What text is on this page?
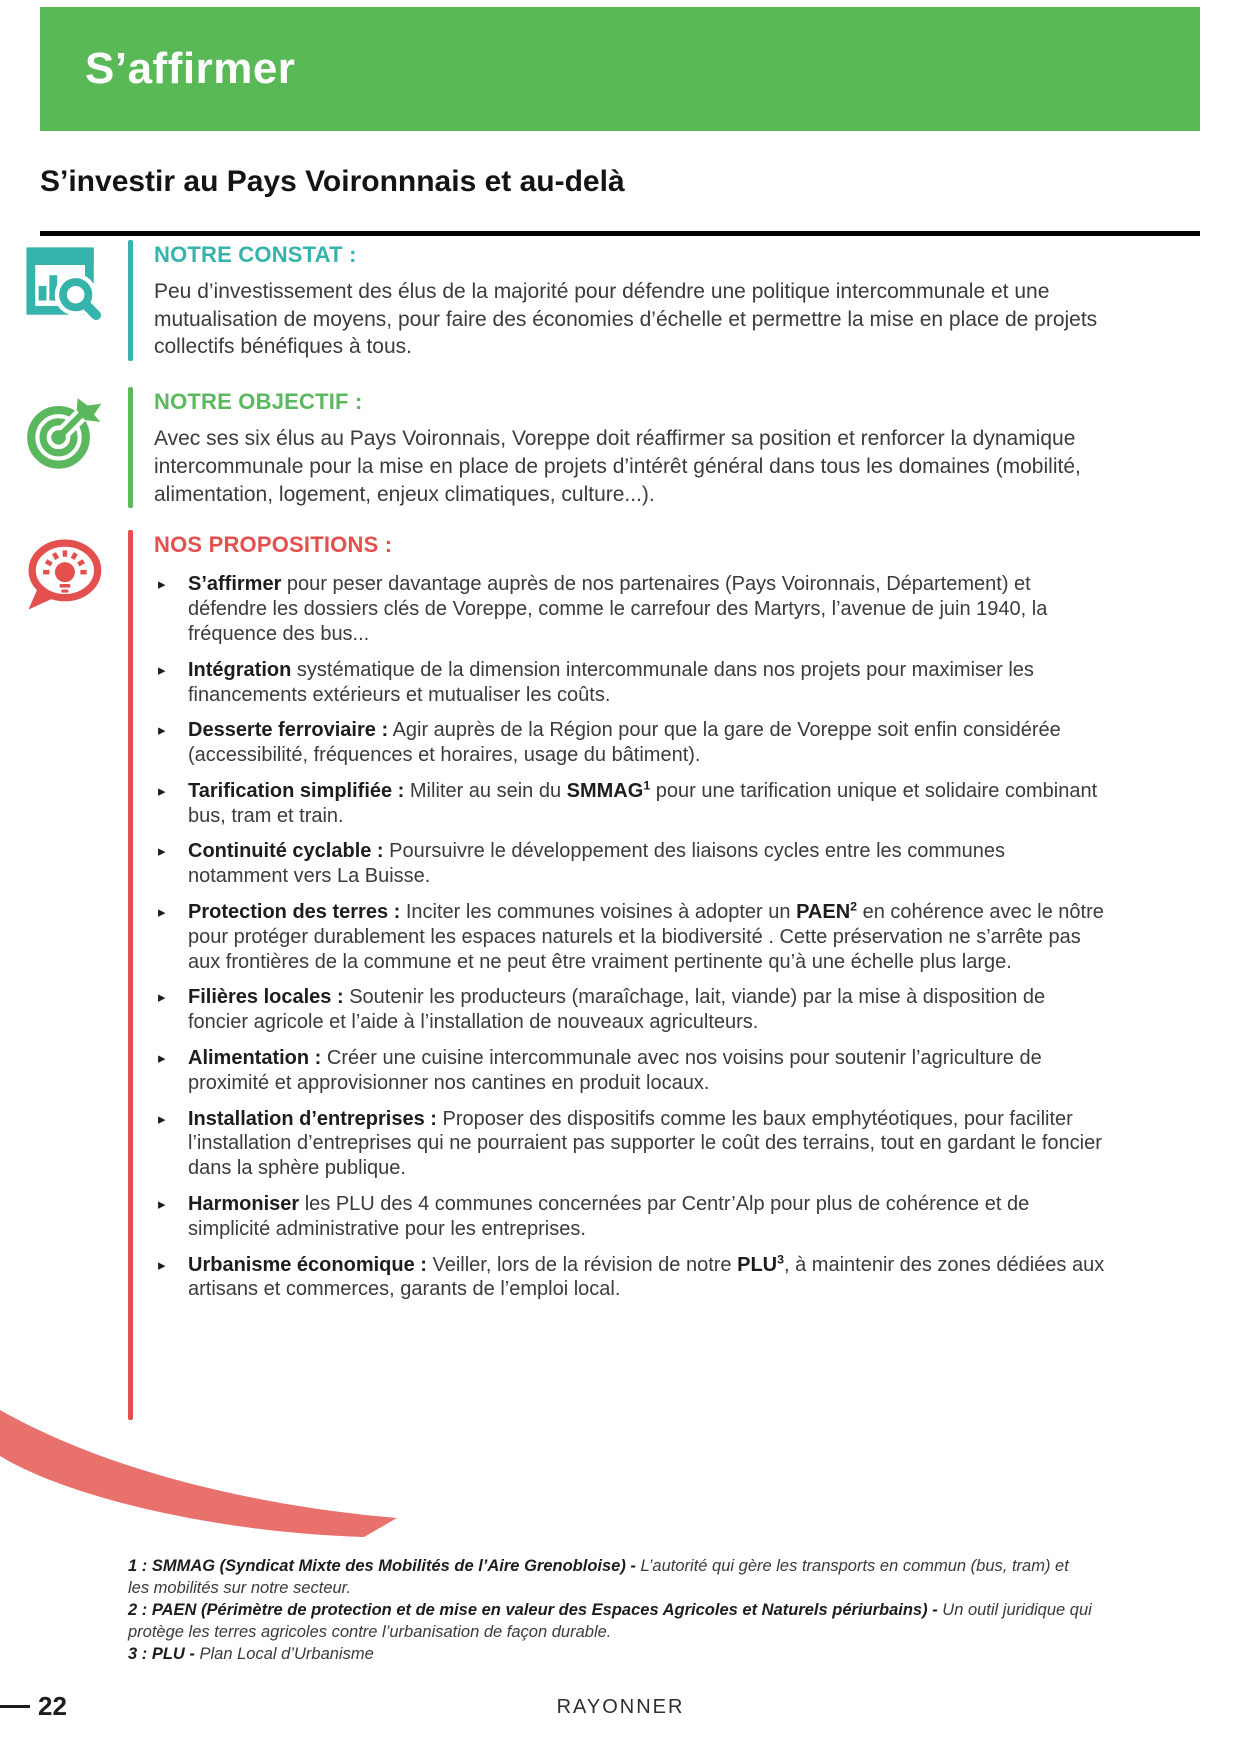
S’affirmer
S’investir au Pays Voironnnais et au-delà
NOTRE CONSTAT :

Peu d’investissement des élus de la majorité pour défendre une politique intercommunale et une mutualisation de moyens, pour faire des économies d’échelle et permettre la mise en place de projets collectifs bénéfiques à tous.

NOTRE OBJECTIF :

Avec ses six élus au Pays Voironnais, Voreppe doit réaffirmer sa position et renforcer la dynamique intercommunale pour la mise en place de projets d’intérêt général dans tous les domaines (mobilité, alimentation, logement, enjeux climatiques, culture...).

NOS PROPOSITIONS :
▸	S’affirmer pour peser davantage auprès de nos partenaires (Pays Voironnais, Département) et défendre les dossiers clés de Voreppe, comme le carrefour des Martyrs, l’avenue de juin 1940, la fréquence des bus...
▸	Intégration systématique de la dimension intercommunale dans nos projets pour maximiser les financements extérieurs et mutualiser les coûts.
▸	Desserte ferroviaire : Agir auprès de la Région pour que la gare de Voreppe soit enfin considérée (accessibilité, fréquences et horaires, usage du bâtiment).
▸	Tarification simplifiée : Militer au sein du SMMAG$^1$ pour une tarification unique et solidaire combinant bus, tram et train.
▸	Continuité cyclable : Poursuivre le développement des liaisons cycles entre les communes notamment vers La Buisse.
▸	Protection des terres : Inciter les communes voisines à adopter un PAEN$^2$ en cohérence avec le nôtre pour protéger durablement les espaces naturels et la biodiversité . Cette préservation ne s’arrête pas aux frontières de la commune et ne peut être vraiment pertinente qu’à une échelle plus large.
▸	Filières locales : Soutenir les producteurs (maraîchage, lait, viande) par la mise à disposition de foncier agricole et l’aide à l’installation de nouveaux agriculteurs.
▸	Alimentation : Créer une cuisine intercommunale avec nos voisins pour soutenir l’agriculture de proximité et approvisionner nos cantines en produit locaux.
▸	Installation d’entreprises : Proposer des dispositifs comme les baux emphytéotiques, pour faciliter l’installation d’entreprises qui ne pourraient pas supporter le coût des terrains, tout en gardant le foncier dans la sphère publique.
▸	Harmoniser les PLU des 4 communes concernées par Centr’Alp pour plus de cohérence et de simplicité administrative pour les entreprises.
▸	Urbanisme économique : Veiller, lors de la révision de notre PLU$^3$, à maintenir des zones dédiées aux artisans et commerces, garants de l’emploi local.

1 : SMMAG (Syndicat Mixte des Mobilités de l’Aire Grenobloise) - L’autorité qui gère les transports en commun (bus, tram) et les mobilités sur notre secteur.

2 : PAEN (Périmètre de protection et de mise en valeur des Espaces Agricoles et Naturels périurbains) - Un outil juridique qui protège les terres agricoles contre l’urbanisation de façon durable.

3 : PLU - Plan Local d’Urbanisme

22	RAYONNER
